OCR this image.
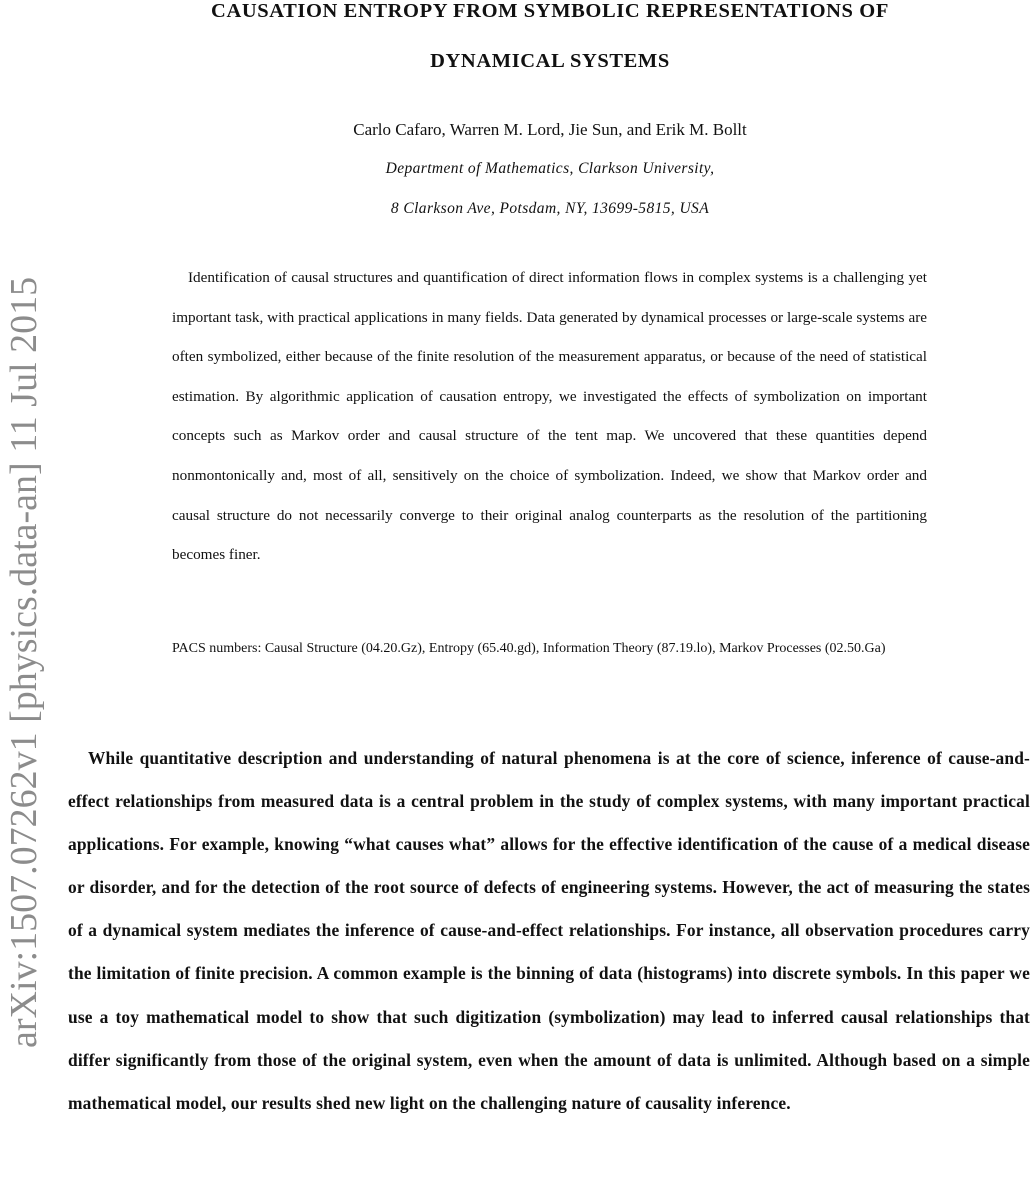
CAUSATION ENTROPY FROM SYMBOLIC REPRESENTATIONS OF
DYNAMICAL SYSTEMS
Carlo Cafaro, Warren M. Lord, Jie Sun, and Erik M. Bollt
Department of Mathematics, Clarkson University,
8 Clarkson Ave, Potsdam, NY, 13699-5815, USA

Identification of causal structures and quantification of direct information flows in complex systems is a challenging yet important task, with practical applications in many fields. Data generated by dynamical processes or large-scale systems are often symbolized, either because of the finite resolution of the measurement apparatus, or because of the need of statistical estimation. By algorithmic application of causation entropy, we investigated the effects of symbolization on important concepts such as Markov order and causal structure of the tent map. We uncovered that these quantities depend nonmontonically and, most of all, sensitively on the choice of symbolization. Indeed, we show that Markov order and causal structure do not necessarily converge to their original analog counterparts as the resolution of the partitioning becomes finer.

PACS numbers: Causal Structure (04.20.Gz), Entropy (65.40.gd), Information Theory (87.19.lo), Markov Processes (02.50.Ga)

While quantitative description and understanding of natural phenomena is at the core of science, inference of cause-and-effect relationships from measured data is a central problem in the study of complex systems, with many important practical applications. For example, knowing “what causes what” allows for the effective identification of the cause of a medical disease or disorder, and for the detection of the root source of defects of engineering systems. However, the act of measuring the states of a dynamical system mediates the inference of cause-and-effect relationships. For instance, all observation procedures carry the limitation of finite precision. A common example is the binning of data (histograms) into discrete symbols. In this paper we use a toy mathematical model to show that such digitization (symbolization) may lead to inferred causal relationships that differ significantly from those of the original system, even when the amount of data is unlimited. Although based on a simple mathematical model, our results shed new light on the challenging nature of causality inference.

arXiv:1507.07262v1 [physics.data-an] 11 Jul 2015
